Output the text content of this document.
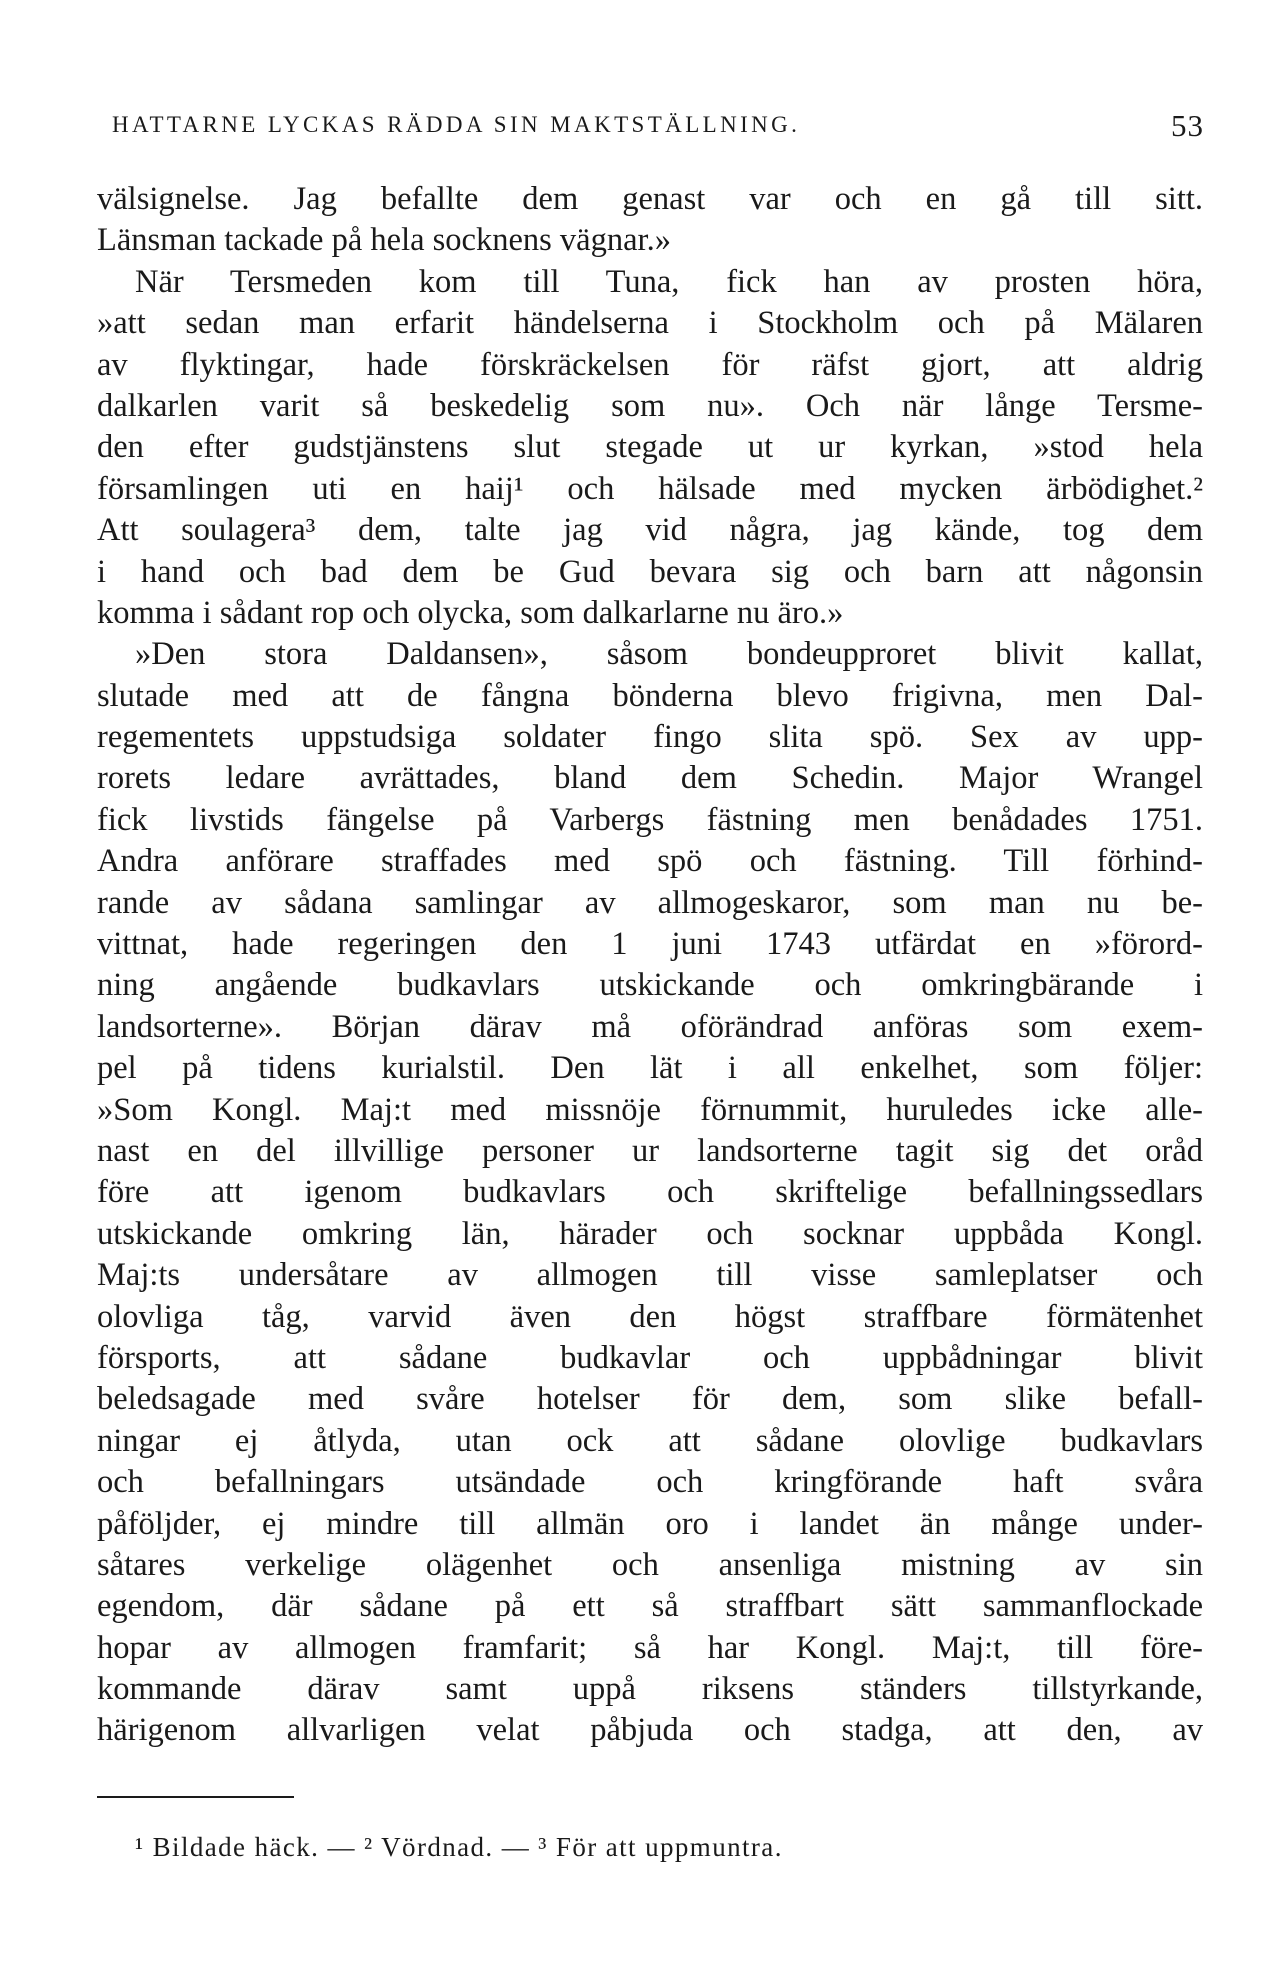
HATTARNE LYCKAS RÄDDA SIN MAKTSTÄLLNING.	53
välsignelse. Jag befallte dem genast var och en gå till sitt.
Länsman tackade på hela socknens vägnar.»
När Tersmeden kom till Tuna, fick han av prosten höra,
»att sedan man erfarit händelserna i Stockholm och på Mälaren
av flyktingar, hade förskräckelsen för räfst gjort, att aldrig
dalkarlen varit så beskedelig som nu». Och när långe Tersme-
den efter gudstjänstens slut stegade ut ur kyrkan, »stod hela
församlingen uti en haij¹ och hälsade med mycken ärbödighet.²
Att soulagera³ dem, talte jag vid några, jag kände, tog dem
i hand och bad dem be Gud bevara sig och barn att någonsin
komma i sådant rop och olycka, som dalkarlarne nu äro.»
»Den stora Daldansen», såsom bondeupproret blivit kallat,
slutade med att de fångna bönderna blevo frigivna, men Dal-
regementets uppstudsiga soldater fingo slita spö. Sex av upp-
rorets ledare avrättades, bland dem Schedin. Major Wrangel
fick livstids fängelse på Varbergs fästning men benådades 1751.
Andra anförare straffades med spö och fästning. Till förhind-
rande av sådana samlingar av allmogeskaror, som man nu be-
vittnat, hade regeringen den 1 juni 1743 utfärdat en »förord-
ning angående budkavlars utskickande och omkringbärande i
landsorterne». Början därav må oförändrad anföras som exem-
pel på tidens kurialstil. Den lät i all enkelhet, som följer:
»Som Kongl. Maj:t med missnöje förnummit, huruledes icke alle-
nast en del illvillige personer ur landsorterne tagit sig det oråd
före att igenom budkavlars och skriftelige befallningssedlars
utskickande omkring län, härader och socknar uppbåda Kongl.
Maj:ts undersåtare av allmogen till visse samleplatser och
olovliga tåg, varvid även den högst straffbare förmätenhet
försports, att sådane budkavlar och uppbådningar blivit
beledsagade med svåre hotelser för dem, som slike befall-
ningar ej åtlyda, utan ock att sådane olovlige budkavlars
och befallningars utsändade och kringförande haft svåra
påföljder, ej mindre till allmän oro i landet än månge under-
såtares verkelige olägenhet och ansenliga mistning av sin
egendom, där sådane på ett så straffbart sätt sammanflockade
hopar av allmogen framfarit; så har Kongl. Maj:t, till före-
kommande därav samt uppå riksens ständers tillstyrkande,
härigenom allvarligen velat påbjuda och stadga, att den, av
¹ Bildade häck. — ² Vördnad. — ³ För att uppmuntra.
